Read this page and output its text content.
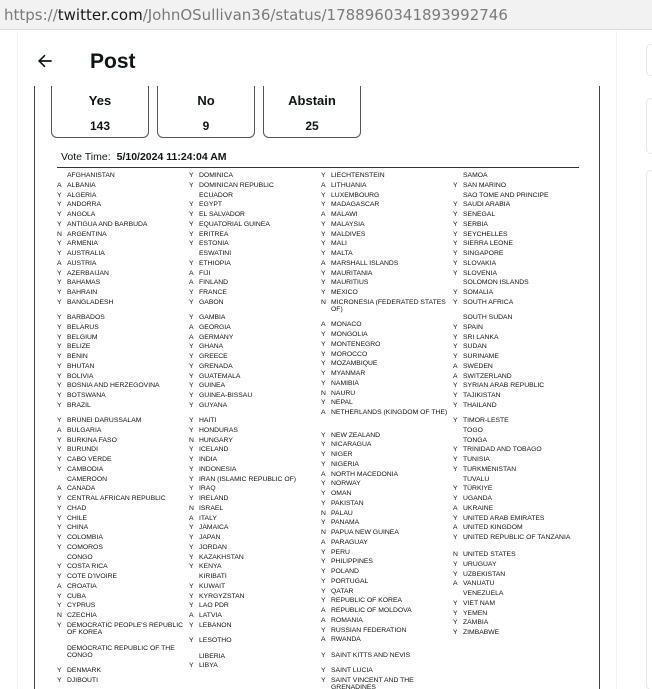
https://twitter.com/JohnOSullivan36/status/1788960341893992746
Post
Yes
143
No
9
Abstain
25
Vote Time: 5/10/2024 11:24:04 AM
AFGHANISTAN
A ALBANIA
Y ALGERIA
Y ANDORRA
Y ANGOLA
Y ANTIGUA AND BARBUDA
N ARGENTINA
Y ARMENIA
Y AUSTRALIA
A AUSTRIA
Y AZERBAIJAN
Y BAHAMAS
Y BAHRAIN
Y BANGLADESH
Y BARBADOS
Y BELARUS
Y BELGIUM
Y BELIZE
Y BENIN
Y BHUTAN
Y BOLIVIA
Y BOSNIA AND HERZEGOVINA
Y BOTSWANA
Y BRAZIL
Y BRUNEI DARUSSALAM
A BULGARIA
Y BURKINA FASO
Y BURUNDI
Y CABO VERDE
Y CAMBODIA
CAMEROON
A CANADA
Y CENTRAL AFRICAN REPUBLIC
Y CHAD
Y CHILE
Y CHINA
Y COLOMBIA
Y COMOROS
CONGO
Y COSTA RICA
Y COTE D'IVOIRE
A CROATIA
Y CUBA
Y CYPRUS
N CZECHIA
Y DEMOCRATIC PEOPLE'S REPUBLIC OF KOREA
DEMOCRATIC REPUBLIC OF THE CONGO
Y DENMARK
Y DJIBOUTI
Y DOMINICA
Y DOMINICAN REPUBLIC
ECUADOR
Y EGYPT
Y EL SALVADOR
Y EQUATORIAL GUINEA
Y ERITREA
Y ESTONIA
ESWATINI
Y ETHIOPIA
A FIJI
A FINLAND
Y FRANCE
Y GABON
Y GAMBIA
A GEORGIA
A GERMANY
Y GHANA
Y GREECE
Y GRENADA
Y GUATEMALA
Y GUINEA
Y GUINEA-BISSAU
Y GUYANA
Y HAITI
Y HONDURAS
N HUNGARY
Y ICELAND
Y INDIA
Y INDONESIA
Y IRAN (ISLAMIC REPUBLIC OF)
Y IRAQ
Y IRELAND
N ISRAEL
A ITALY
Y JAMAICA
Y JAPAN
Y JORDAN
Y KAZAKHSTAN
Y KENYA
KIRIBATI
Y KUWAIT
Y KYRGYZSTAN
Y LAO PDR
A LATVIA
Y LEBANON
Y LESOTHO
LIBERIA
Y LIBYA
Y LIECHTENSTEIN
A LITHUANIA
Y LUXEMBOURG
Y MADAGASCAR
A MALAWI
Y MALAYSIA
Y MALDIVES
Y MALI
Y MALTA
A MARSHALL ISLANDS
Y MAURITANIA
Y MAURITIUS
Y MEXICO
N MICRONESIA (FEDERATED STATES OF)
A MONACO
Y MONGOLIA
Y MONTENEGRO
Y MOROCCO
Y MOZAMBIQUE
Y MYANMAR
Y NAMIBIA
N NAURU
Y NEPAL
A NETHERLANDS (KINGDOM OF THE)
Y NEW ZEALAND
Y NICARAGUA
Y NIGER
Y NIGERIA
A NORTH MACEDONIA
Y NORWAY
Y OMAN
Y PAKISTAN
N PALAU
Y PANAMA
N PAPUA NEW GUINEA
A PARAGUAY
Y PERU
Y PHILIPPINES
Y POLAND
Y PORTUGAL
Y QATAR
Y REPUBLIC OF KOREA
A REPUBLIC OF MOLDOVA
A ROMANIA
Y RUSSIAN FEDERATION
A RWANDA
Y SAINT KITTS AND NEVIS
Y SAINT LUCIA
Y SAINT VINCENT AND THE GRENADINES
SAMOA
Y SAN MARINO
SAO TOME AND PRINCIPE
Y SAUDI ARABIA
Y SENEGAL
Y SERBIA
Y SEYCHELLES
Y SIERRA LEONE
Y SINGAPORE
Y SLOVAKIA
Y SLOVENIA
SOLOMON ISLANDS
Y SOMALIA
Y SOUTH AFRICA
SOUTH SUDAN
Y SPAIN
Y SRI LANKA
Y SUDAN
Y SURINAME
A SWEDEN
A SWITZERLAND
Y SYRIAN ARAB REPUBLIC
Y TAJIKISTAN
Y THAILAND
Y TIMOR-LESTE
TOGO
TONGA
Y TRINIDAD AND TOBAGO
Y TUNISIA
Y TURKMENISTAN
TUVALU
Y TÜRKIYE
Y UGANDA
A UKRAINE
Y UNITED ARAB EMIRATES
A UNITED KINGDOM
Y UNITED REPUBLIC OF TANZANIA
N UNITED STATES
Y URUGUAY
Y UZBEKISTAN
A VANUATU
VENEZUELA
Y VIET NAM
Y YEMEN
Y ZAMBIA
Y ZIMBABWE
